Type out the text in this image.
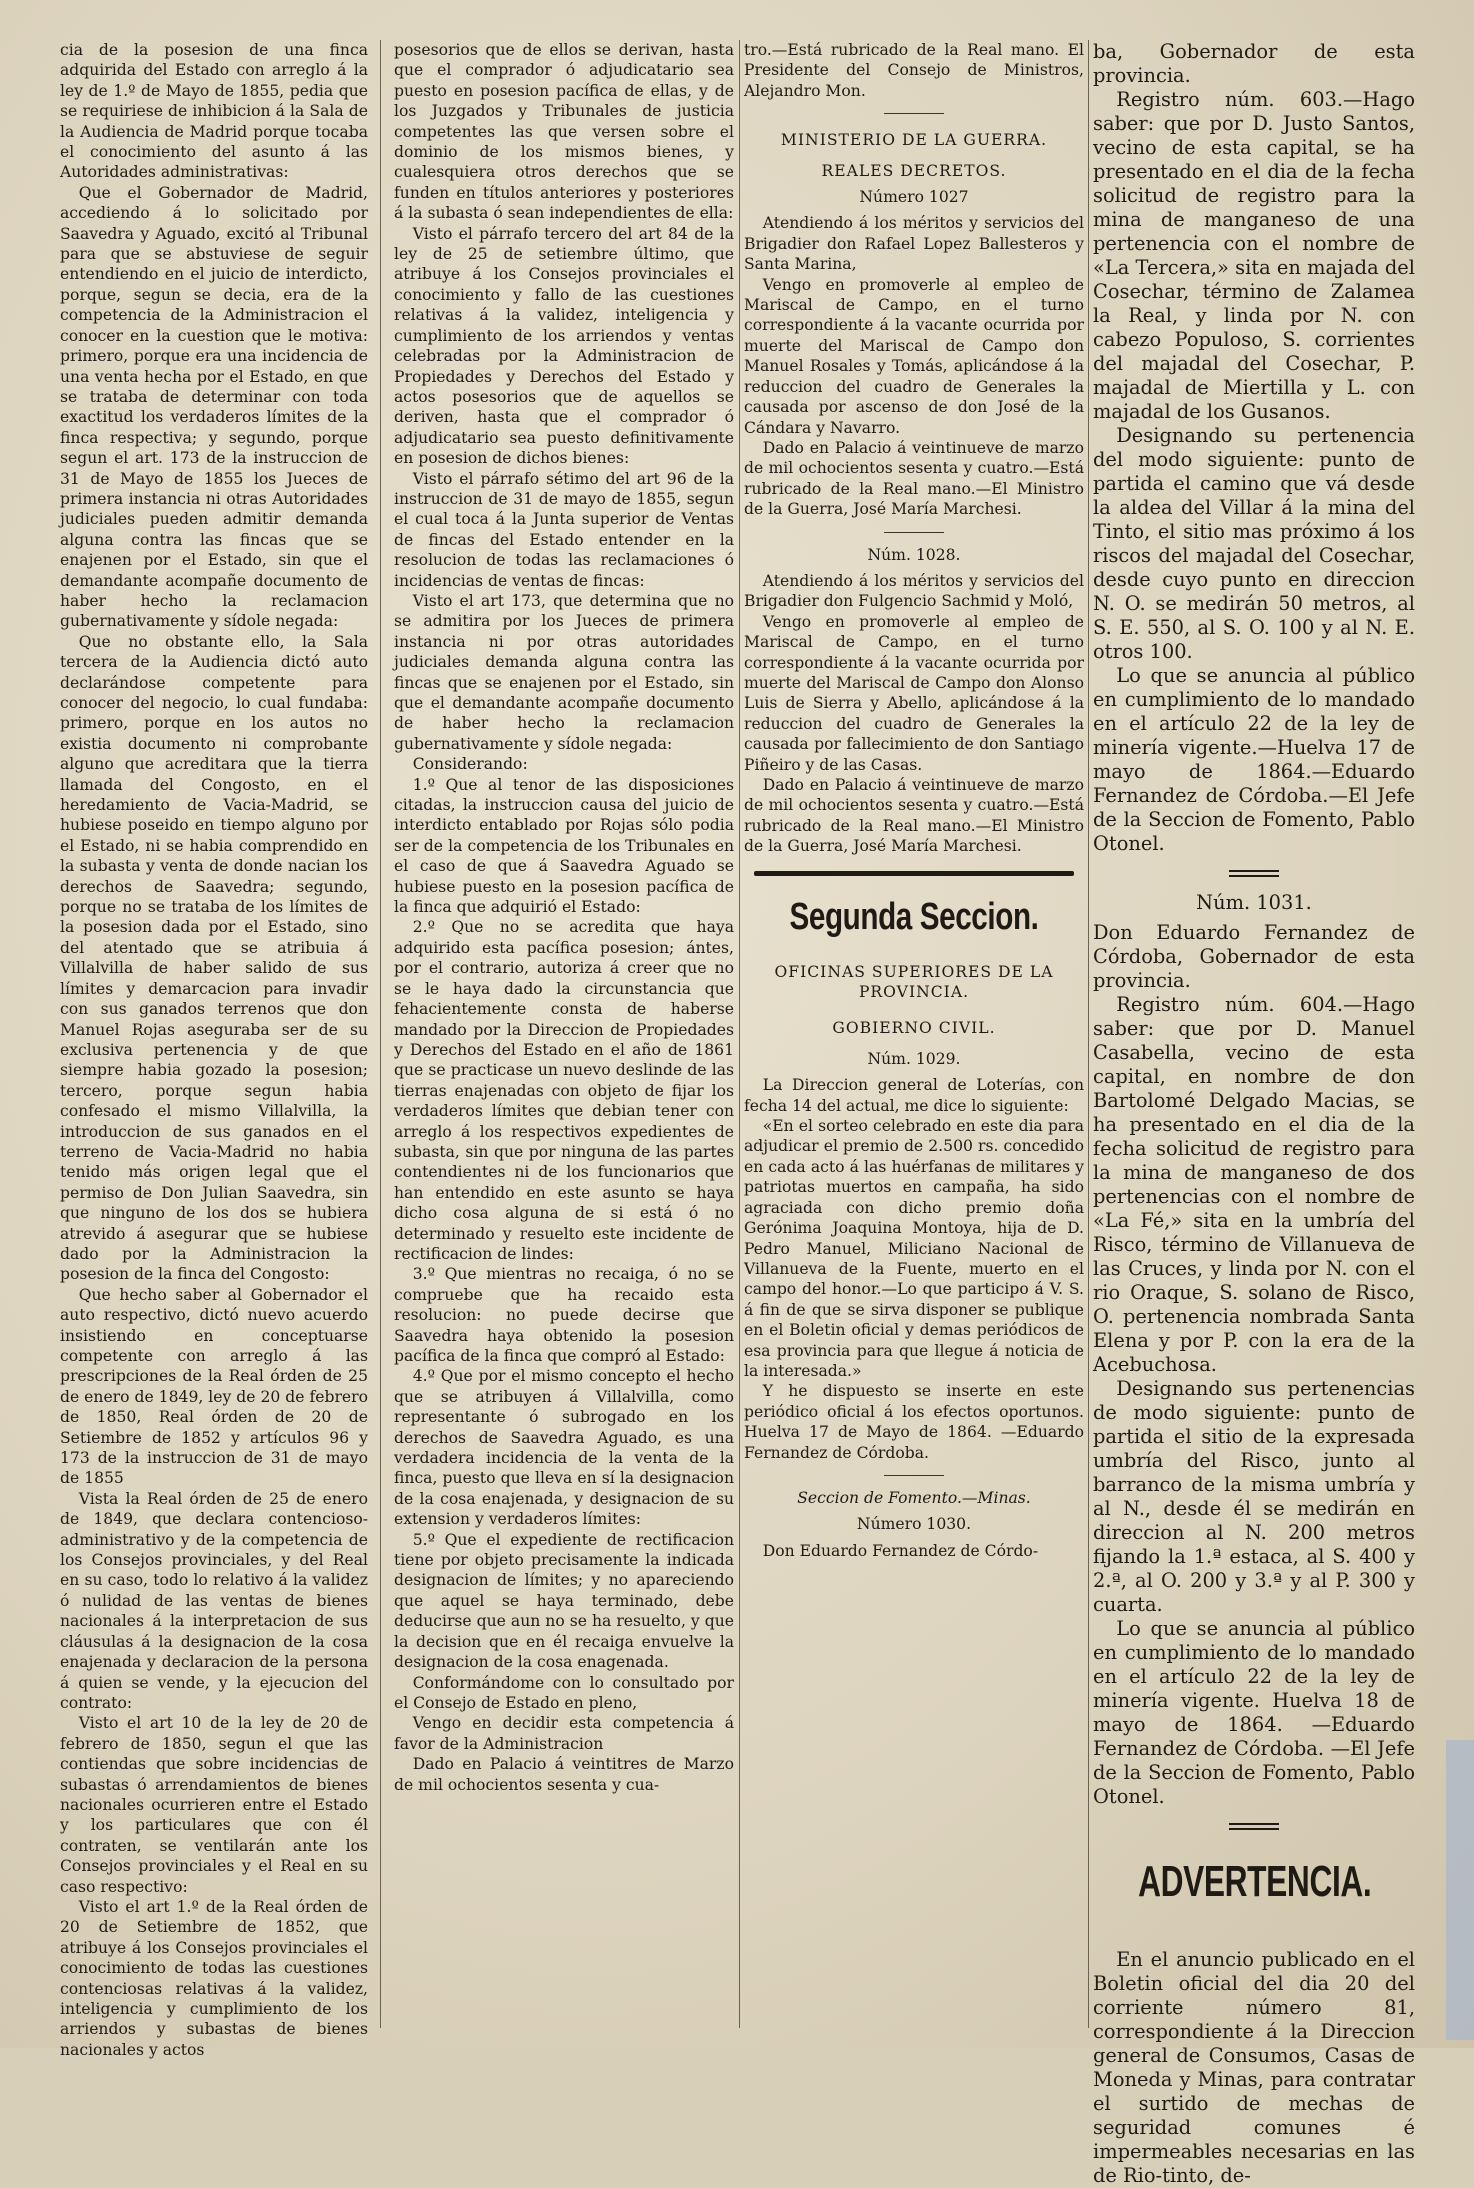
cia de la posesion de una finca adquirida del Estado con arreglo á la ley de 1.º de Mayo de 1855, pedia que se requiriese de inhibicion á la Sala de la Audiencia de Madrid porque tocaba el conocimiento del asunto á las Autoridades administrativas:

Que el Gobernador de Madrid, accediendo á lo solicitado por Saavedra y Aguado, excitó al Tribunal para que se abstuviese de seguir entendiendo en el juicio de interdicto, porque, segun se decia, era de la competencia de la Administracion el conocer en la cuestion que le motiva: primero, porque era una incidencia de una venta hecha por el Estado, en que se trataba de determinar con toda exactitud los verdaderos límites de la finca respectiva; y segundo, porque segun el art. 173 de la instruccion de 31 de Mayo de 1855 los Jueces de primera instancia ni otras Autoridades judiciales pueden admitir demanda alguna contra las fincas que se enajenen por el Estado, sin que el demandante acompañe documento de haber hecho la reclamacion gubernativamente y sídole negada:

Que no obstante ello, la Sala tercera de la Audiencia dictó auto declarándose competente para conocer del negocio, lo cual fundaba: primero, porque en los autos no existia documento ni comprobante alguno que acreditara que la tierra llamada del Congosto, en el heredamiento de Vacia-Madrid, se hubiese poseido en tiempo alguno por el Estado, ni se habia comprendido en la subasta y venta de donde nacian los derechos de Saavedra; segundo, porque no se trataba de los límites de la posesion dada por el Estado, sino del atentado que se atribuia á Villalvilla de haber salido de sus límites y demarcacion para invadir con sus ganados terrenos que don Manuel Rojas aseguraba ser de su exclusiva pertenencia y de que siempre habia gozado la posesion; tercero, porque segun habia confesado el mismo Villalvilla, la introduccion de sus ganados en el terreno de Vacia-Madrid no habia tenido más origen legal que el permiso de Don Julian Saavedra, sin que ninguno de los dos se hubiera atrevido á asegurar que se hubiese dado por la Administracion la posesion de la finca del Congosto:

Que hecho saber al Gobernador el auto respectivo, dictó nuevo acuerdo insistiendo en conceptuarse competente con arreglo á las prescripciones de la Real órden de 25 de enero de 1849, ley de 20 de febrero de 1850, Real órden de 20 de Setiembre de 1852 y artículos 96 y 173 de la instruccion de 31 de mayo de 1855

Vista la Real órden de 25 de enero de 1849, que declara contencioso-administrativo y de la competencia de los Consejos provinciales, y del Real en su caso, todo lo relativo á la validez ó nulidad de las ventas de bienes nacionales á la interpretacion de sus cláusulas á la designacion de la cosa enajenada y declaracion de la persona á quien se vende, y la ejecucion del contrato:

Visto el art 10 de la ley de 20 de febrero de 1850, segun el que las contiendas que sobre incidencias de subastas ó arrendamientos de bienes nacionales ocurrieren entre el Estado y los particulares que con él contraten, se ventilarán ante los Consejos provinciales y el Real en su caso respectivo:

Visto el art 1.º de la Real órden de 20 de Setiembre de 1852, que atribuye á los Consejos provinciales el conocimiento de todas las cuestiones contenciosas relativas á la validez, inteligencia y cumplimiento de los arriendos y subastas de bienes nacionales y actos

posesorios que de ellos se derivan, hasta que el comprador ó adjudicatario sea puesto en posesion pacífica de ellas, y de los Juzgados y Tribunales de justicia competentes las que versen sobre el dominio de los mismos bienes, y cualesquiera otros derechos que se funden en títulos anteriores y posteriores á la subasta ó sean independientes de ella:

Visto el párrafo tercero del art 84 de la ley de 25 de setiembre último, que atribuye á los Consejos provinciales el conocimiento y fallo de las cuestiones relativas á la validez, inteligencia y cumplimiento de los arriendos y ventas celebradas por la Administracion de Propiedades y Derechos del Estado y actos posesorios que de aquellos se deriven, hasta que el comprador ó adjudicatario sea puesto definitivamente en posesion de dichos bienes:

Visto el párrafo sétimo del art 96 de la instruccion de 31 de mayo de 1855, segun el cual toca á la Junta superior de Ventas de fincas del Estado entender en la resolucion de todas las reclamaciones ó incidencias de ventas de fincas:

Visto el art 173, que determina que no se admitira por los Jueces de primera instancia ni por otras autoridades judiciales demanda alguna contra las fincas que se enajenen por el Estado, sin que el demandante acompañe documento de haber hecho la reclamacion gubernativamente y sídole negada:

Considerando:

1.º Que al tenor de las disposiciones citadas, la instruccion causa del juicio de interdicto entablado por Rojas sólo podia ser de la competencia de los Tribunales en el caso de que á Saavedra Aguado se hubiese puesto en la posesion pacífica de la finca que adquirió el Estado:

2.º Que no se acredita que haya adquirido esta pacífica posesion; ántes, por el contrario, autoriza á creer que no se le haya dado la circunstancia que fehacientemente consta de haberse mandado por la Direccion de Propiedades y Derechos del Estado en el año de 1861 que se practicase un nuevo deslinde de las tierras enajenadas con objeto de fijar los verdaderos límites que debian tener con arreglo á los respectivos expedientes de subasta, sin que por ninguna de las partes contendientes ni de los funcionarios que han entendido en este asunto se haya dicho cosa alguna de si está ó no determinado y resuelto este incidente de rectificacion de lindes:

3.º Que mientras no recaiga, ó no se compruebe que ha recaido esta resolucion: no puede decirse que Saavedra haya obtenido la posesion pacífica de la finca que compró al Estado:

4.º Que por el mismo concepto el hecho que se atribuyen á Villalvilla, como representante ó subrogado en los derechos de Saavedra Aguado, es una verdadera incidencia de la venta de la finca, puesto que lleva en sí la designacion de la cosa enajenada, y designacion de su extension y verdaderos límites:

5.º Que el expediente de rectificacion tiene por objeto precisamente la indicada designacion de límites; y no apareciendo que aquel se haya terminado, debe deducirse que aun no se ha resuelto, y que la decision que en él recaiga envuelve la designacion de la cosa enagenada.

Conformándome con lo consultado por el Consejo de Estado en pleno,

Vengo en decidir esta competencia á favor de la Administracion

Dado en Palacio á veintitres de Marzo de mil ochocientos sesenta y cua-

tro.—Está rubricado de la Real mano. El Presidente del Consejo de Ministros, Alejandro Mon.

MINISTERIO DE LA GUERRA.
REALES DECRETOS.
Número 1027

Atendiendo á los méritos y servicios del Brigadier don Rafael Lopez Ballesteros y Santa Marina,

Vengo en promoverle al empleo de Mariscal de Campo, en el turno correspondiente á la vacante ocurrida por muerte del Mariscal de Campo don Manuel Rosales y Tomás, aplicándose á la reduccion del cuadro de Generales la causada por ascenso de don José de la Cándara y Navarro.

Dado en Palacio á veintinueve de marzo de mil ochocientos sesenta y cuatro.—Está rubricado de la Real mano.—El Ministro de la Guerra, José María Marchesi.

Núm. 1028.

Atendiendo á los méritos y servicios del Brigadier don Fulgencio Sachmid y Moló,

Vengo en promoverle al empleo de Mariscal de Campo, en el turno correspondiente á la vacante ocurrida por muerte del Mariscal de Campo don Alonso Luis de Sierra y Abello, aplicándose á la reduccion del cuadro de Generales la causada por fallecimiento de don Santiago Piñeiro y de las Casas.

Dado en Palacio á veintinueve de marzo de mil ochocientos sesenta y cuatro.—Está rubricado de la Real mano.—El Ministro de la Guerra, José María Marchesi.

Segunda Seccion.
OFICINAS SUPERIORES DE LA PROVINCIA.
GOBIERNO CIVIL.
Núm. 1029.

La Direccion general de Loterías, con fecha 14 del actual, me dice lo siguiente:

«En el sorteo celebrado en este dia para adjudicar el premio de 2.500 rs. concedido en cada acto á las huérfanas de militares y patriotas muertos en campaña, ha sido agraciada con dicho premio doña Gerónima Joaquina Montoya, hija de D. Pedro Manuel, Miliciano Nacional de Villanueva de la Fuente, muerto en el campo del honor.—Lo que participo á V. S. á fin de que se sirva disponer se publique en el Boletin oficial y demas periódicos de esa provincia para que llegue á noticia de la interesada.»

Y he dispuesto se inserte en este periódico oficial á los efectos oportunos. Huelva 17 de Mayo de 1864. —Eduardo Fernandez de Córdoba.

Seccion de Fomento.—Minas.
Número 1030.

Don Eduardo Fernandez de Córdo-

ba, Gobernador de esta provincia.

Registro núm. 603.—Hago saber: que por D. Justo Santos, vecino de esta capital, se ha presentado en el dia de la fecha solicitud de registro para la mina de manganeso de una pertenencia con el nombre de «La Tercera,» sita en majada del Cosechar, término de Zalamea la Real, y linda por N. con cabezo Populoso, S. corrientes del majadal del Cosechar, P. majadal de Miertilla y L. con majadal de los Gusanos.

Designando su pertenencia del modo siguiente: punto de partida el camino que vá desde la aldea del Villar á la mina del Tinto, el sitio mas próximo á los riscos del majadal del Cosechar, desde cuyo punto en direccion N. O. se medirán 50 metros, al S. E. 550, al S. O. 100 y al N. E. otros 100.

Lo que se anuncia al público en cumplimiento de lo mandado en el artículo 22 de la ley de minería vigente.—Huelva 17 de mayo de 1864.—Eduardo Fernandez de Córdoba.—El Jefe de la Seccion de Fomento, Pablo Otonel.

Núm. 1031.

Don Eduardo Fernandez de Córdoba, Gobernador de esta provincia.

Registro núm. 604.—Hago saber: que por D. Manuel Casabella, vecino de esta capital, en nombre de don Bartolomé Delgado Macias, se ha presentado en el dia de la fecha solicitud de registro para la mina de manganeso de dos pertenencias con el nombre de «La Fé,» sita en la umbría del Risco, término de Villanueva de las Cruces, y linda por N. con el rio Oraque, S. solano de Risco, O. pertenencia nombrada Santa Elena y por P. con la era de la Acebuchosa.

Designando sus pertenencias de modo siguiente: punto de partida el sitio de la expresada umbría del Risco, junto al barranco de la misma umbría y al N., desde él se medirán en direccion al N. 200 metros fijando la 1.ª estaca, al S. 400 y 2.ª, al O. 200 y 3.ª y al P. 300 y cuarta.

Lo que se anuncia al público en cumplimiento de lo mandado en el artículo 22 de la ley de minería vigente. Huelva 18 de mayo de 1864. —Eduardo Fernandez de Córdoba. —El Jefe de la Seccion de Fomento, Pablo Otonel.

ADVERTENCIA.

En el anuncio publicado en el Boletin oficial del dia 20 del corriente número 81, correspondiente á la Direccion general de Consumos, Casas de Moneda y Minas, para contratar el surtido de mechas de seguridad comunes é impermeables necesarias en las de Rio-tinto, de-
